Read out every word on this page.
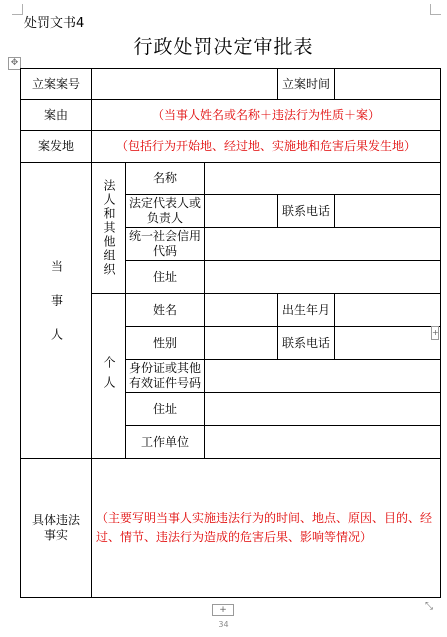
处罚文书4
行政处罚决定审批表
✥
立案案号				立案时间	
案由	（当事人姓名或名称＋违法行为性质＋案）				
案发地	（包括行为开始地、经过地、实施地和危害后果发生地）				

当事人	法人和其他组织	名称			
		法定代表人或负责人		联系电话	
		统一社会信用代码			
		住址			

	个人	姓名		出生年月	
		性别		联系电话	
		身份证或其他有效证件号码			
		住址			
		工作单位			
具体违法事实	（主要写明当事人实施违法行为的时间、地点、原因、目的、经过、情节、违法行为造成的危害后果、影响等情况）				
+
+	⤡
34
